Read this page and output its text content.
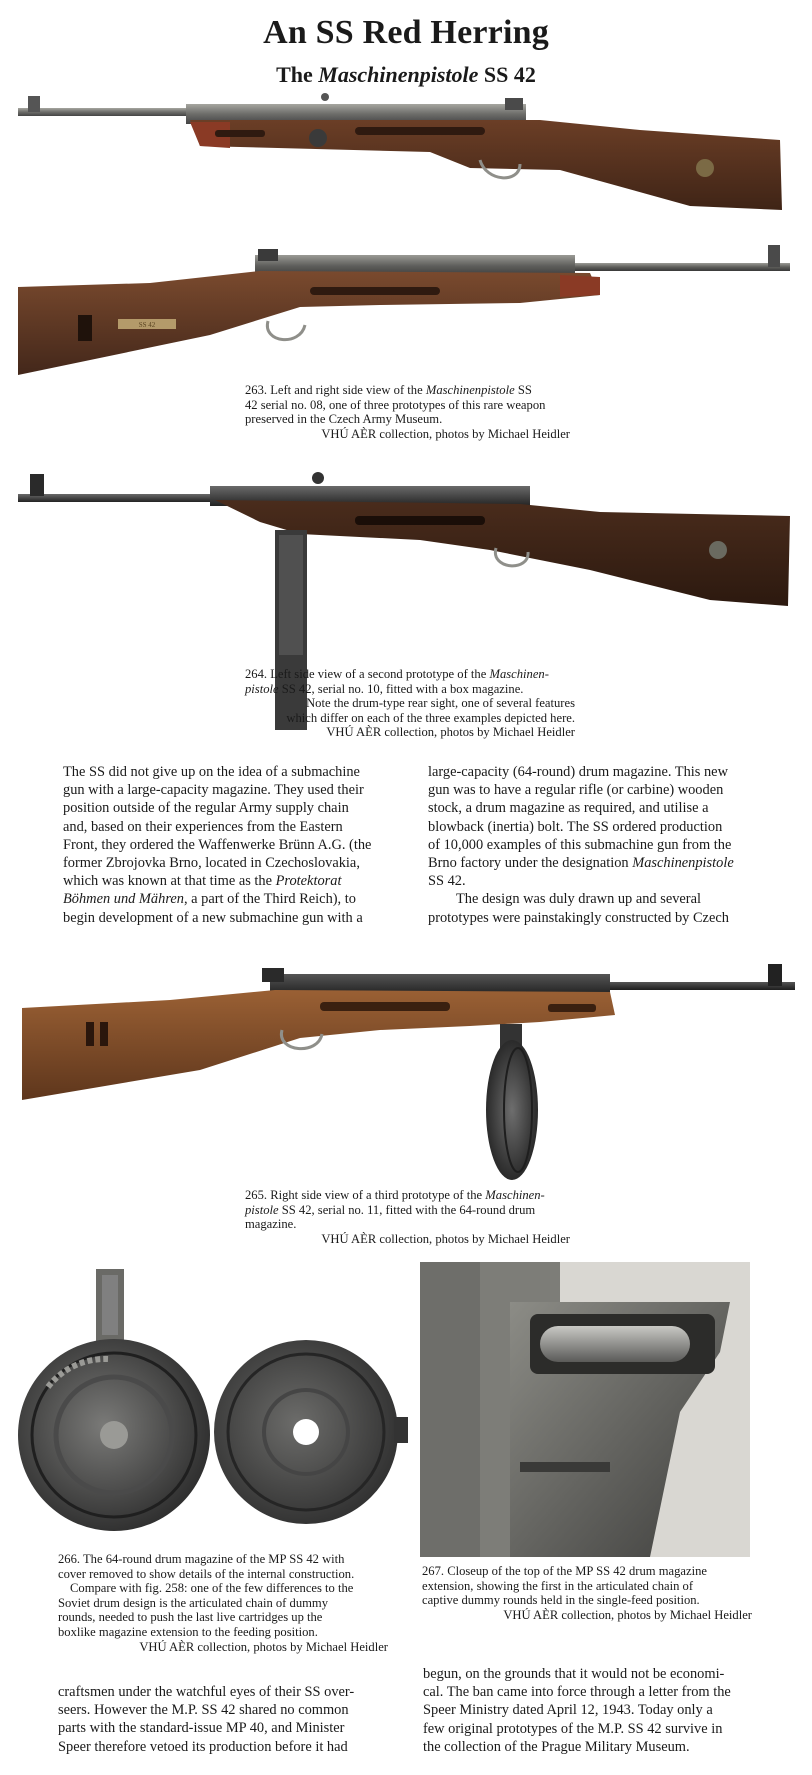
An SS Red Herring
The Maschinenpistole SS 42
SS 42

263. Left and right side view of the Maschinenpistole SS

42 serial no. 08, one of three prototypes of this rare weapon

preserved in the Czech Army Museum.

VHÚ AÈR collection, photos by Michael Heidler

264. Left side view of a second prototype of the Maschinen-

pistole SS 42, serial no. 10, fitted with a box magazine.

Note the drum-type rear sight, one of several features

which differ on each of the three examples depicted here.

VHÚ AÈR collection, photos by Michael Heidler

The SS did not give up on the idea of a submachine

gun with a large-capacity magazine. They used their

position outside of the regular Army supply chain

and, based on their experiences from the Eastern

Front, they ordered the Waffenwerke Brünn A.G. (the

former Zbrojovka Brno, located in Czechoslovakia,

which was known at that time as the Protektorat

Böhmen und Mähren, a part of the Third Reich), to

begin development of a new submachine gun with a

large-capacity (64-round) drum magazine. This new

gun was to have a regular rifle (or carbine) wooden

stock, a drum magazine as required, and utilise a

blowback (inertia) bolt. The SS ordered production

of 10,000 examples of this submachine gun from the

Brno factory under the designation Maschinenpistole

SS 42.

The design was duly drawn up and several

prototypes were painstakingly constructed by Czech

265. Right side view of a third prototype of the Maschinen-

pistole SS 42, serial no. 11, fitted with the 64-round drum

magazine.

VHÚ AÈR collection, photos by Michael Heidler

266. The 64-round drum magazine of the MP SS 42 with

cover removed to show details of the internal construction.

Compare with fig. 258: one of the few differences to the

Soviet drum design is the articulated chain of dummy

rounds, needed to push the last live cartridges up the

boxlike magazine extension to the feeding position.

VHÚ AÈR collection, photos by Michael Heidler

267. Closeup of the top of the MP SS 42 drum magazine

extension, showing the first in the articulated chain of

captive dummy rounds held in the single-feed position.

VHÚ AÈR collection, photos by Michael Heidler

craftsmen under the watchful eyes of their SS over-

seers. However the M.P. SS 42 shared no common

parts with the standard-issue MP 40, and Minister

Speer therefore vetoed its production before it had

begun, on the grounds that it would not be economi-

cal. The ban came into force through a letter from the

Speer Ministry dated April 12, 1943. Today only a

few original prototypes of the M.P. SS 42 survive in

the collection of the Prague Military Museum.
